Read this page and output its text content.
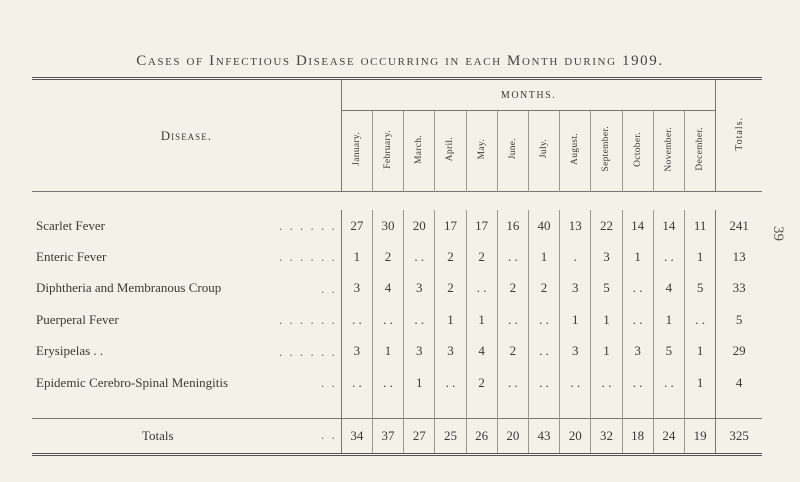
Cases of Infectious Disease occurring in each Month during 1909.
39
Disease.	MONTHS.												Totals.
	January.	February.	March.	April.	May.	June.	July.	August.	September.	October.	November.	December.	

Scarlet Fever . . . . . .	27	30	20	17	17	16	40	13	22	14	14	11	241
Enteric Fever . . . . . .	1	2	. .	2	2	. .	1	.	3	1	. .	1	13
Diphtheria and Membranous Croup . .	3	4	3	2	. .	2	2	3	5	. .	4	5	33
Puerperal Fever . . . . . .	. .	. .	. .	1	1	. .	. .	1	1	. .	1	. .	5
Erysipelas . . . . . . . .	3	1	3	3	4	2	. .	3	1	3	5	1	29
Epidemic Cerebro-Spinal Meningitis . .	. .	. .	1	. .	2	. .	. .	. .	. .	. .	. .	1	4

Totals . .	34	37	27	25	26	20	43	20	32	18	24	19	325
